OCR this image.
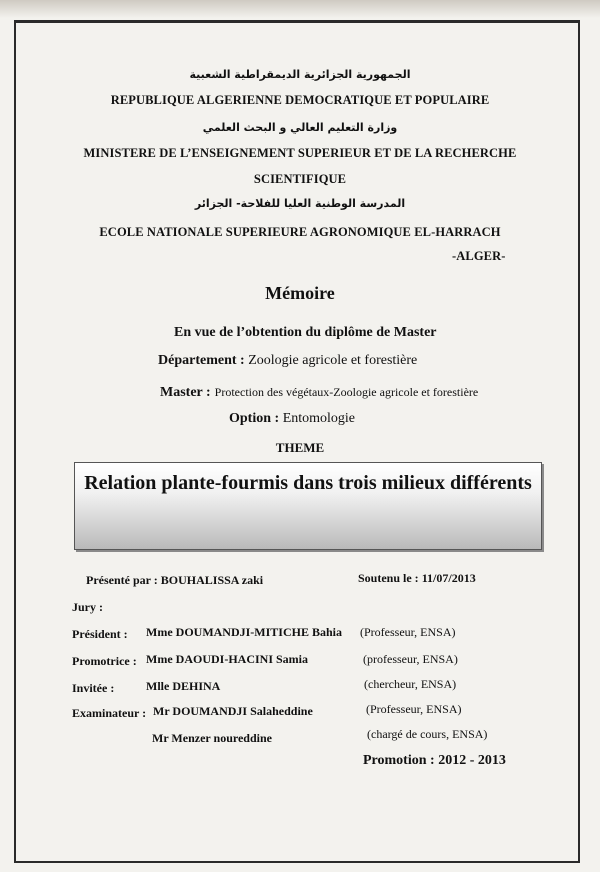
الجمهورية الجزائرية الديمقراطية الشعبية
REPUBLIQUE ALGERIENNE DEMOCRATIQUE ET POPULAIRE
وزارة التعليم العالي و البحث العلمي
MINISTERE DE L’ENSEIGNEMENT SUPERIEUR ET DE LA RECHERCHE
SCIENTIFIQUE
المدرسة الوطنية العليا للفلاحة- الجزائر
ECOLE NATIONALE SUPERIEURE AGRONOMIQUE EL-HARRACH
-ALGER-
Mémoire
En vue de l’obtention du diplôme de Master
Département : Zoologie agricole et forestière
Master : Protection des végétaux-Zoologie agricole et forestière
Option : Entomologie
THEME
Relation plante-fourmis dans trois milieux différents
Présenté par : BOUHALISSA zaki	Soutenu le : 11/07/2013
Jury :
Président : Mme DOUMANDJI-MITICHE Bahia (Professeur, ENSA)
Promotrice : Mme DAOUDI-HACINI Samia	(professeur, ENSA)
Invitée :	Mlle DEHINA	(chercheur, ENSA)
Examinateur : Mr DOUMANDJI Salaheddine	(Professeur, ENSA)
Mr Menzer noureddine	(chargé de cours, ENSA)
Promotion : 2012 - 2013
